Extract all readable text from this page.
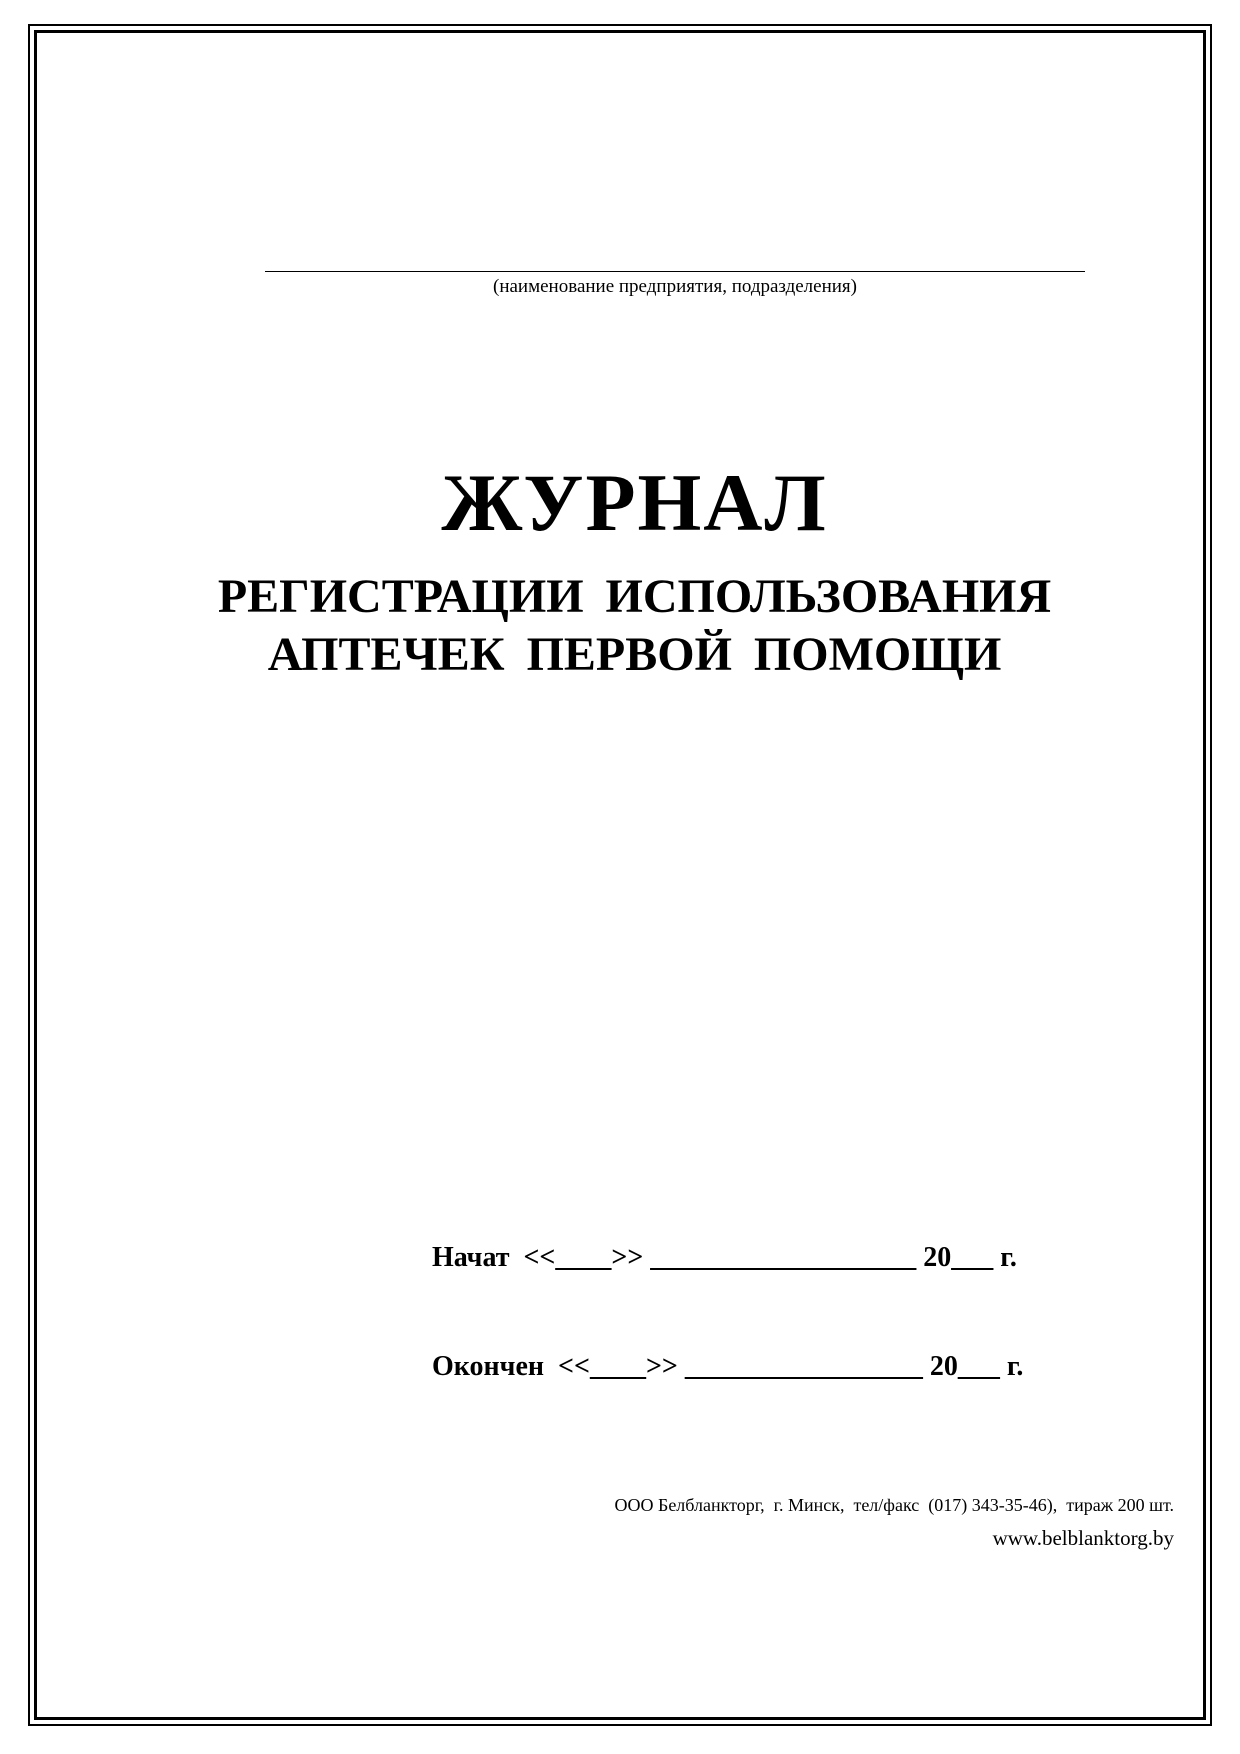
(наименование предприятия, подразделения)
ЖУРНАЛ
РЕГИСТРАЦИИ ИСПОЛЬЗОВАНИЯ
АПТЕЧЕК ПЕРВОЙ ПОМОЩИ
Начат  <<____>> ___________________ 20___ г.
Окончен  <<____>> _________________ 20___ г.
ООО Белбланкторг,  г. Минск,  тел/факс  (017) 343-35-46),  тираж 200 шт.
www.belblanktorg.by
